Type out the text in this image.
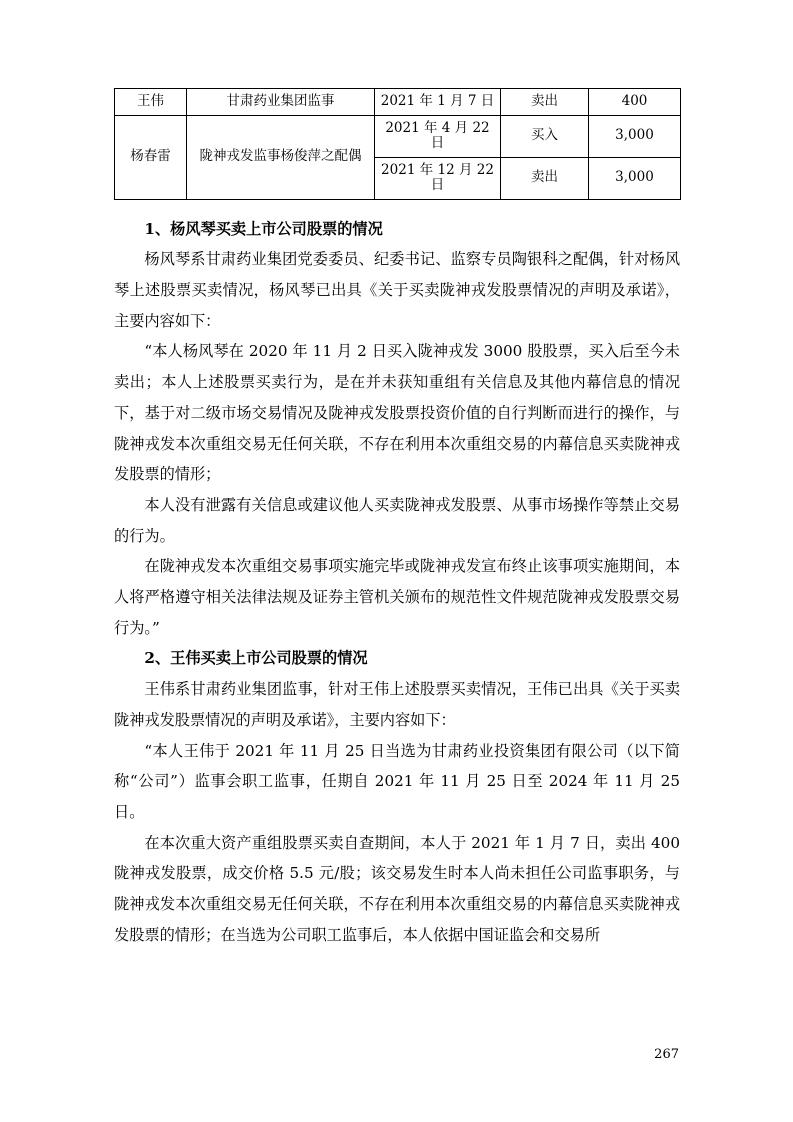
王伟	甘肃药业集团监事	2021 年 1 月 7 日	卖出	400
杨春雷	陇神戎发监事杨俊萍之配偶	2021 年 4 月 22 日	买入	3,000
		2021 年 12 月 22 日	卖出	3,000

1、杨风琴买卖上市公司股票的情况

杨风琴系甘肃药业集团党委委员、纪委书记、监察专员陶银科之配偶，针对杨风琴上述股票买卖情况，杨风琴已出具《关于买卖陇神戎发股票情况的声明及承诺》，主要内容如下：

“本人杨风琴在 2020 年 11 月 2 日买入陇神戎发 3000 股股票，买入后至今未卖出；本人上述股票买卖行为，是在并未获知重组有关信息及其他内幕信息的情况下，基于对二级市场交易情况及陇神戎发股票投资价值的自行判断而进行的操作，与陇神戎发本次重组交易无任何关联，不存在利用本次重组交易的内幕信息买卖陇神戎发股票的情形；

本人没有泄露有关信息或建议他人买卖陇神戎发股票、从事市场操作等禁止交易的行为。

在陇神戎发本次重组交易事项实施完毕或陇神戎发宣布终止该事项实施期间，本人将严格遵守相关法律法规及证券主管机关颁布的规范性文件规范陇神戎发股票交易行为。”

2、王伟买卖上市公司股票的情况

王伟系甘肃药业集团监事，针对王伟上述股票买卖情况，王伟已出具《关于买卖陇神戎发股票情况的声明及承诺》，主要内容如下：

“本人王伟于 2021 年 11 月 25 日当选为甘肃药业投资集团有限公司（以下简称“公司”）监事会职工监事，任期自 2021 年 11 月 25 日至 2024 年 11 月 25 日。

在本次重大资产重组股票买卖自查期间，本人于 2021 年 1 月 7 日，卖出 400 陇神戎发股票，成交价格 5.5 元/股；该交易发生时本人尚未担任公司监事职务，与陇神戎发本次重组交易无任何关联，不存在利用本次重组交易的内幕信息买卖陇神戎发股票的情形；在当选为公司职工监事后，本人依据中国证监会和交易所

267
